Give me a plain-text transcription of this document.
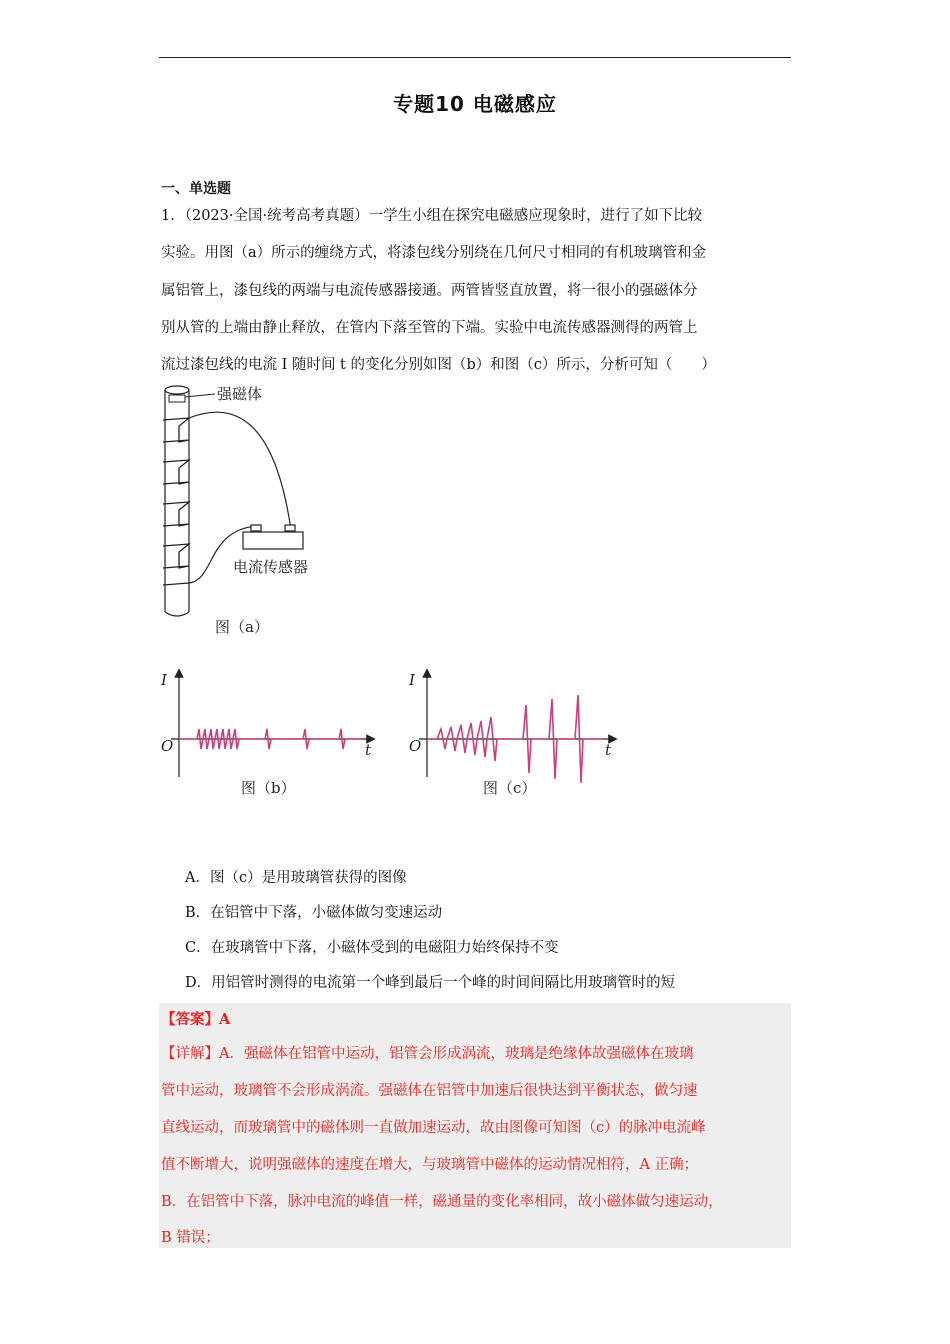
专题10 电磁感应
一、单选题
1．（2023·全国·统考高考真题）一学生小组在探究电磁感应现象时，进行了如下比较
实验。用图（a）所示的缠绕方式，将漆包线分别绕在几何尺寸相同的有机玻璃管和金
属铝管上，漆包线的两端与电流传感器接通。两管皆竖直放置，将一很小的强磁体分
别从管的上端由静止释放，在管内下落至管的下端。实验中电流传感器测得的两管上
流过漆包线的电流 I 随时间 t 的变化分别如图（b）和图（c）所示，分析可知（　　）
强磁体
电流传感器
图（a）
I
t
O
图（b）
I
t
O
图（c）
A．图（c）是用玻璃管获得的图像
B．在铝管中下落，小磁体做匀变速运动
C．在玻璃管中下落，小磁体受到的电磁阻力始终保持不变
D．用铝管时测得的电流第一个峰到最后一个峰的时间间隔比用玻璃管时的短
【答案】A
【详解】A．强磁体在铝管中运动，铝管会形成涡流，玻璃是绝缘体故强磁体在玻璃
管中运动，玻璃管不会形成涡流。强磁体在铝管中加速后很快达到平衡状态，做匀速
直线运动，而玻璃管中的磁体则一直做加速运动，故由图像可知图（c）的脉冲电流峰
值不断增大，说明强磁体的速度在增大，与玻璃管中磁体的运动情况相符，A 正确；
B．在铝管中下落，脉冲电流的峰值一样，磁通量的变化率相同，故小磁体做匀速运动，
B 错误；
